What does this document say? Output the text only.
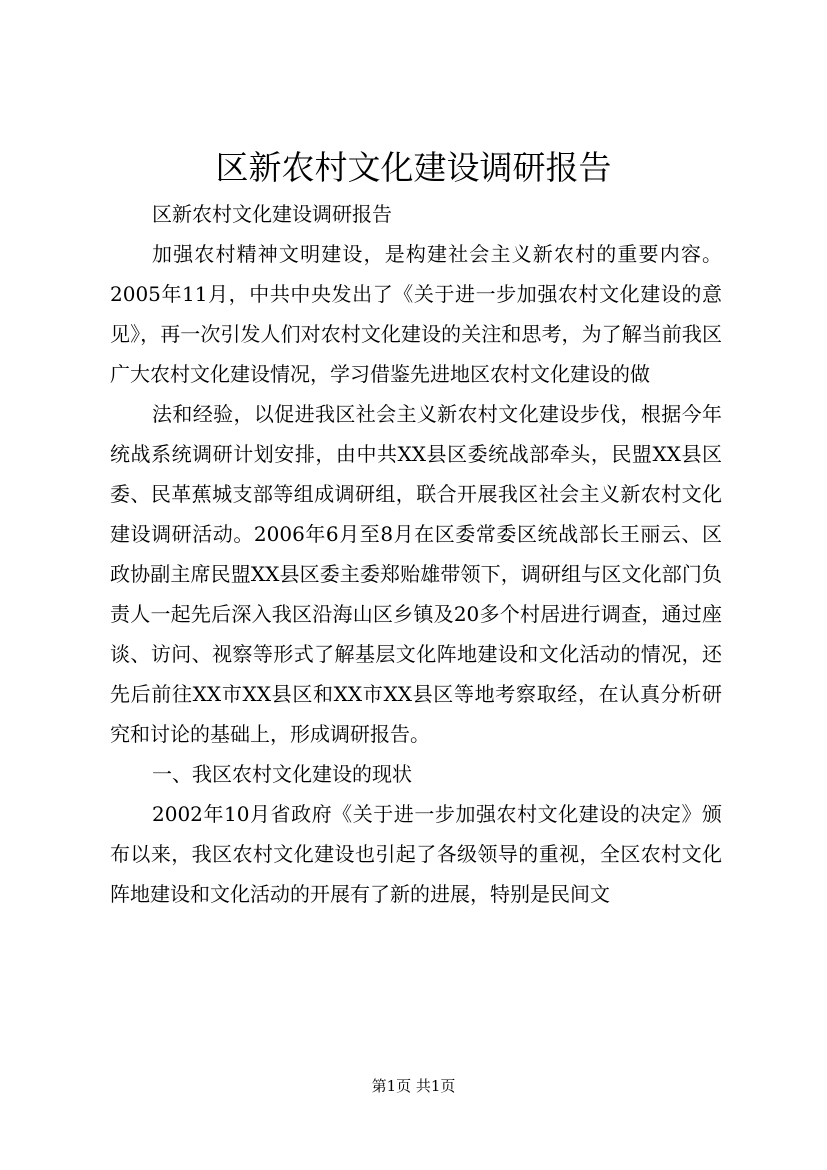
区新农村文化建设调研报告

区新农村文化建设调研报告

加强农村精神文明建设，是构建社会主义新农村的重要内容。2005年11月，中共中央发出了《关于进一步加强农村文化建设的意见》，再一次引发人们对农村文化建设的关注和思考，为了解当前我区广大农村文化建设情况，学习借鉴先进地区农村文化建设的做

法和经验，以促进我区社会主义新农村文化建设步伐，根据今年统战系统调研计划安排，由中共XX县区委统战部牵头，民盟XX县区委、民革蕉城支部等组成调研组，联合开展我区社会主义新农村文化建设调研活动。2006年6月至8月在区委常委区统战部长王丽云、区政协副主席民盟XX县区委主委郑贻雄带领下，调研组与区文化部门负责人一起先后深入我区沿海山区乡镇及20多个村居进行调查，通过座谈、访问、视察等形式了解基层文化阵地建设和文化活动的情况，还先后前往XX市XX县区和XX市XX县区等地考察取经，在认真分析研究和讨论的基础上，形成调研报告。

一、我区农村文化建设的现状

2002年10月省政府《关于进一步加强农村文化建设的决定》颁布以来，我区农村文化建设也引起了各级领导的重视，全区农村文化阵地建设和文化活动的开展有了新的进展，特别是民间文

第1页 共1页
